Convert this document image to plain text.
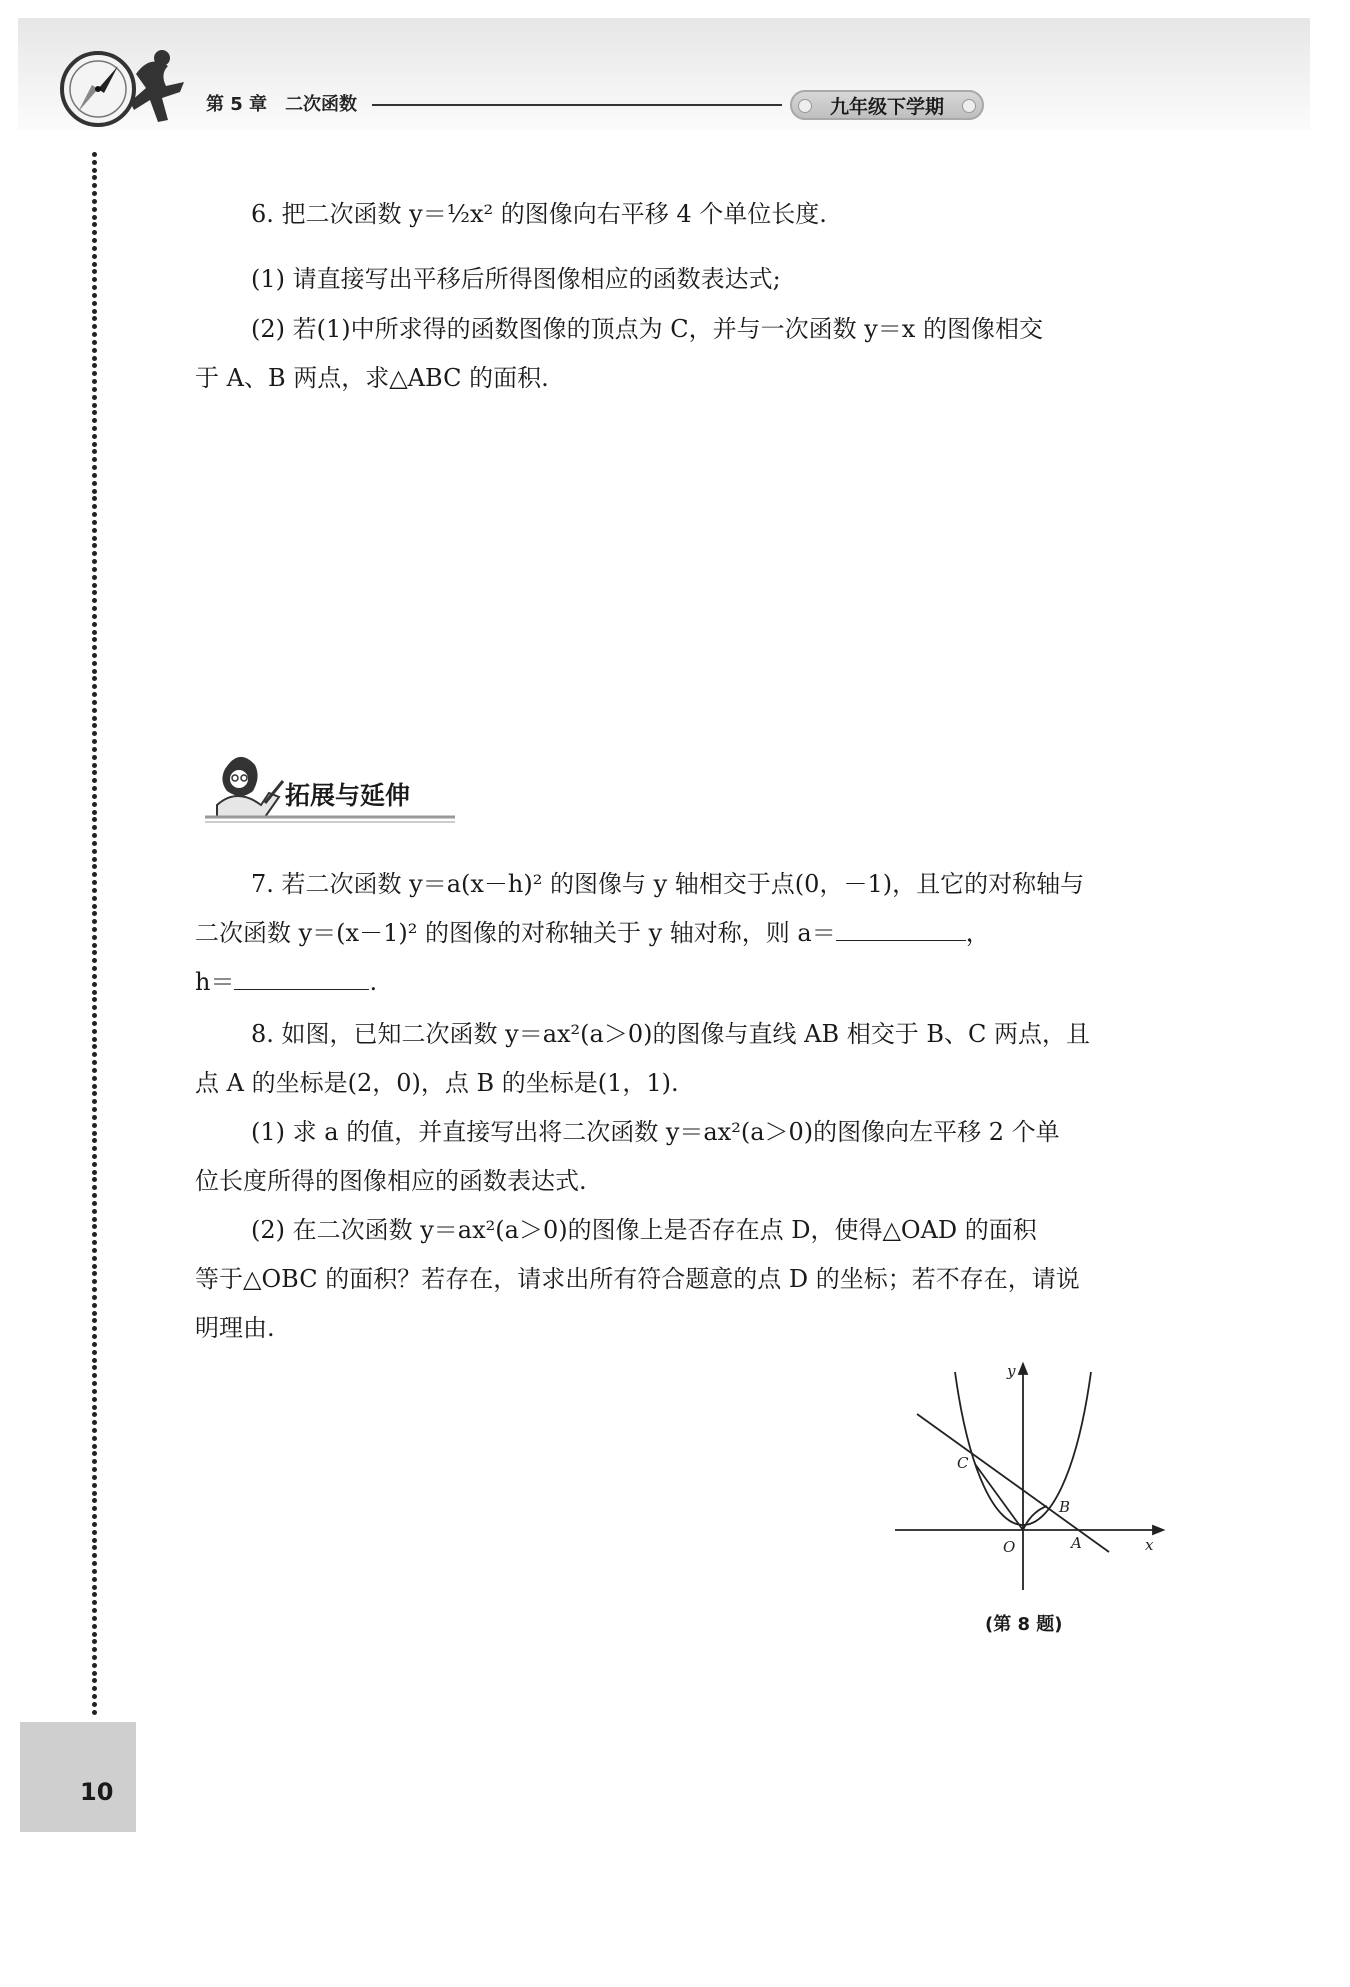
第 5 章 二次函数	九年级下学期
10
6. 把二次函数 y＝½x² 的图像向右平移 4 个单位长度.
(1) 请直接写出平移后所得图像相应的函数表达式;
(2) 若(1)中所求得的函数图像的顶点为 C，并与一次函数 y＝x 的图像相交
于 A、B 两点，求△ABC 的面积.
拓展与延伸
7. 若二次函数 y＝a(x－h)² 的图像与 y 轴相交于点(0，－1)，且它的对称轴与
二次函数 y＝(x－1)² 的图像的对称轴关于 y 轴对称，则 a＝	，
h＝	.
8. 如图，已知二次函数 y＝ax²(a＞0)的图像与直线 AB 相交于 B、C 两点，且
点 A 的坐标是(2，0)，点 B 的坐标是(1，1).
(1) 求 a 的值，并直接写出将二次函数 y＝ax²(a＞0)的图像向左平移 2 个单
位长度所得的图像相应的函数表达式.
(2) 在二次函数 y＝ax²(a＞0)的图像上是否存在点 D，使得△OAD 的面积
等于△OBC 的面积？若存在，请求出所有符合题意的点 D 的坐标；若不存在，请说
明理由.
y
x
O	A
B
C
(第 8 题)
